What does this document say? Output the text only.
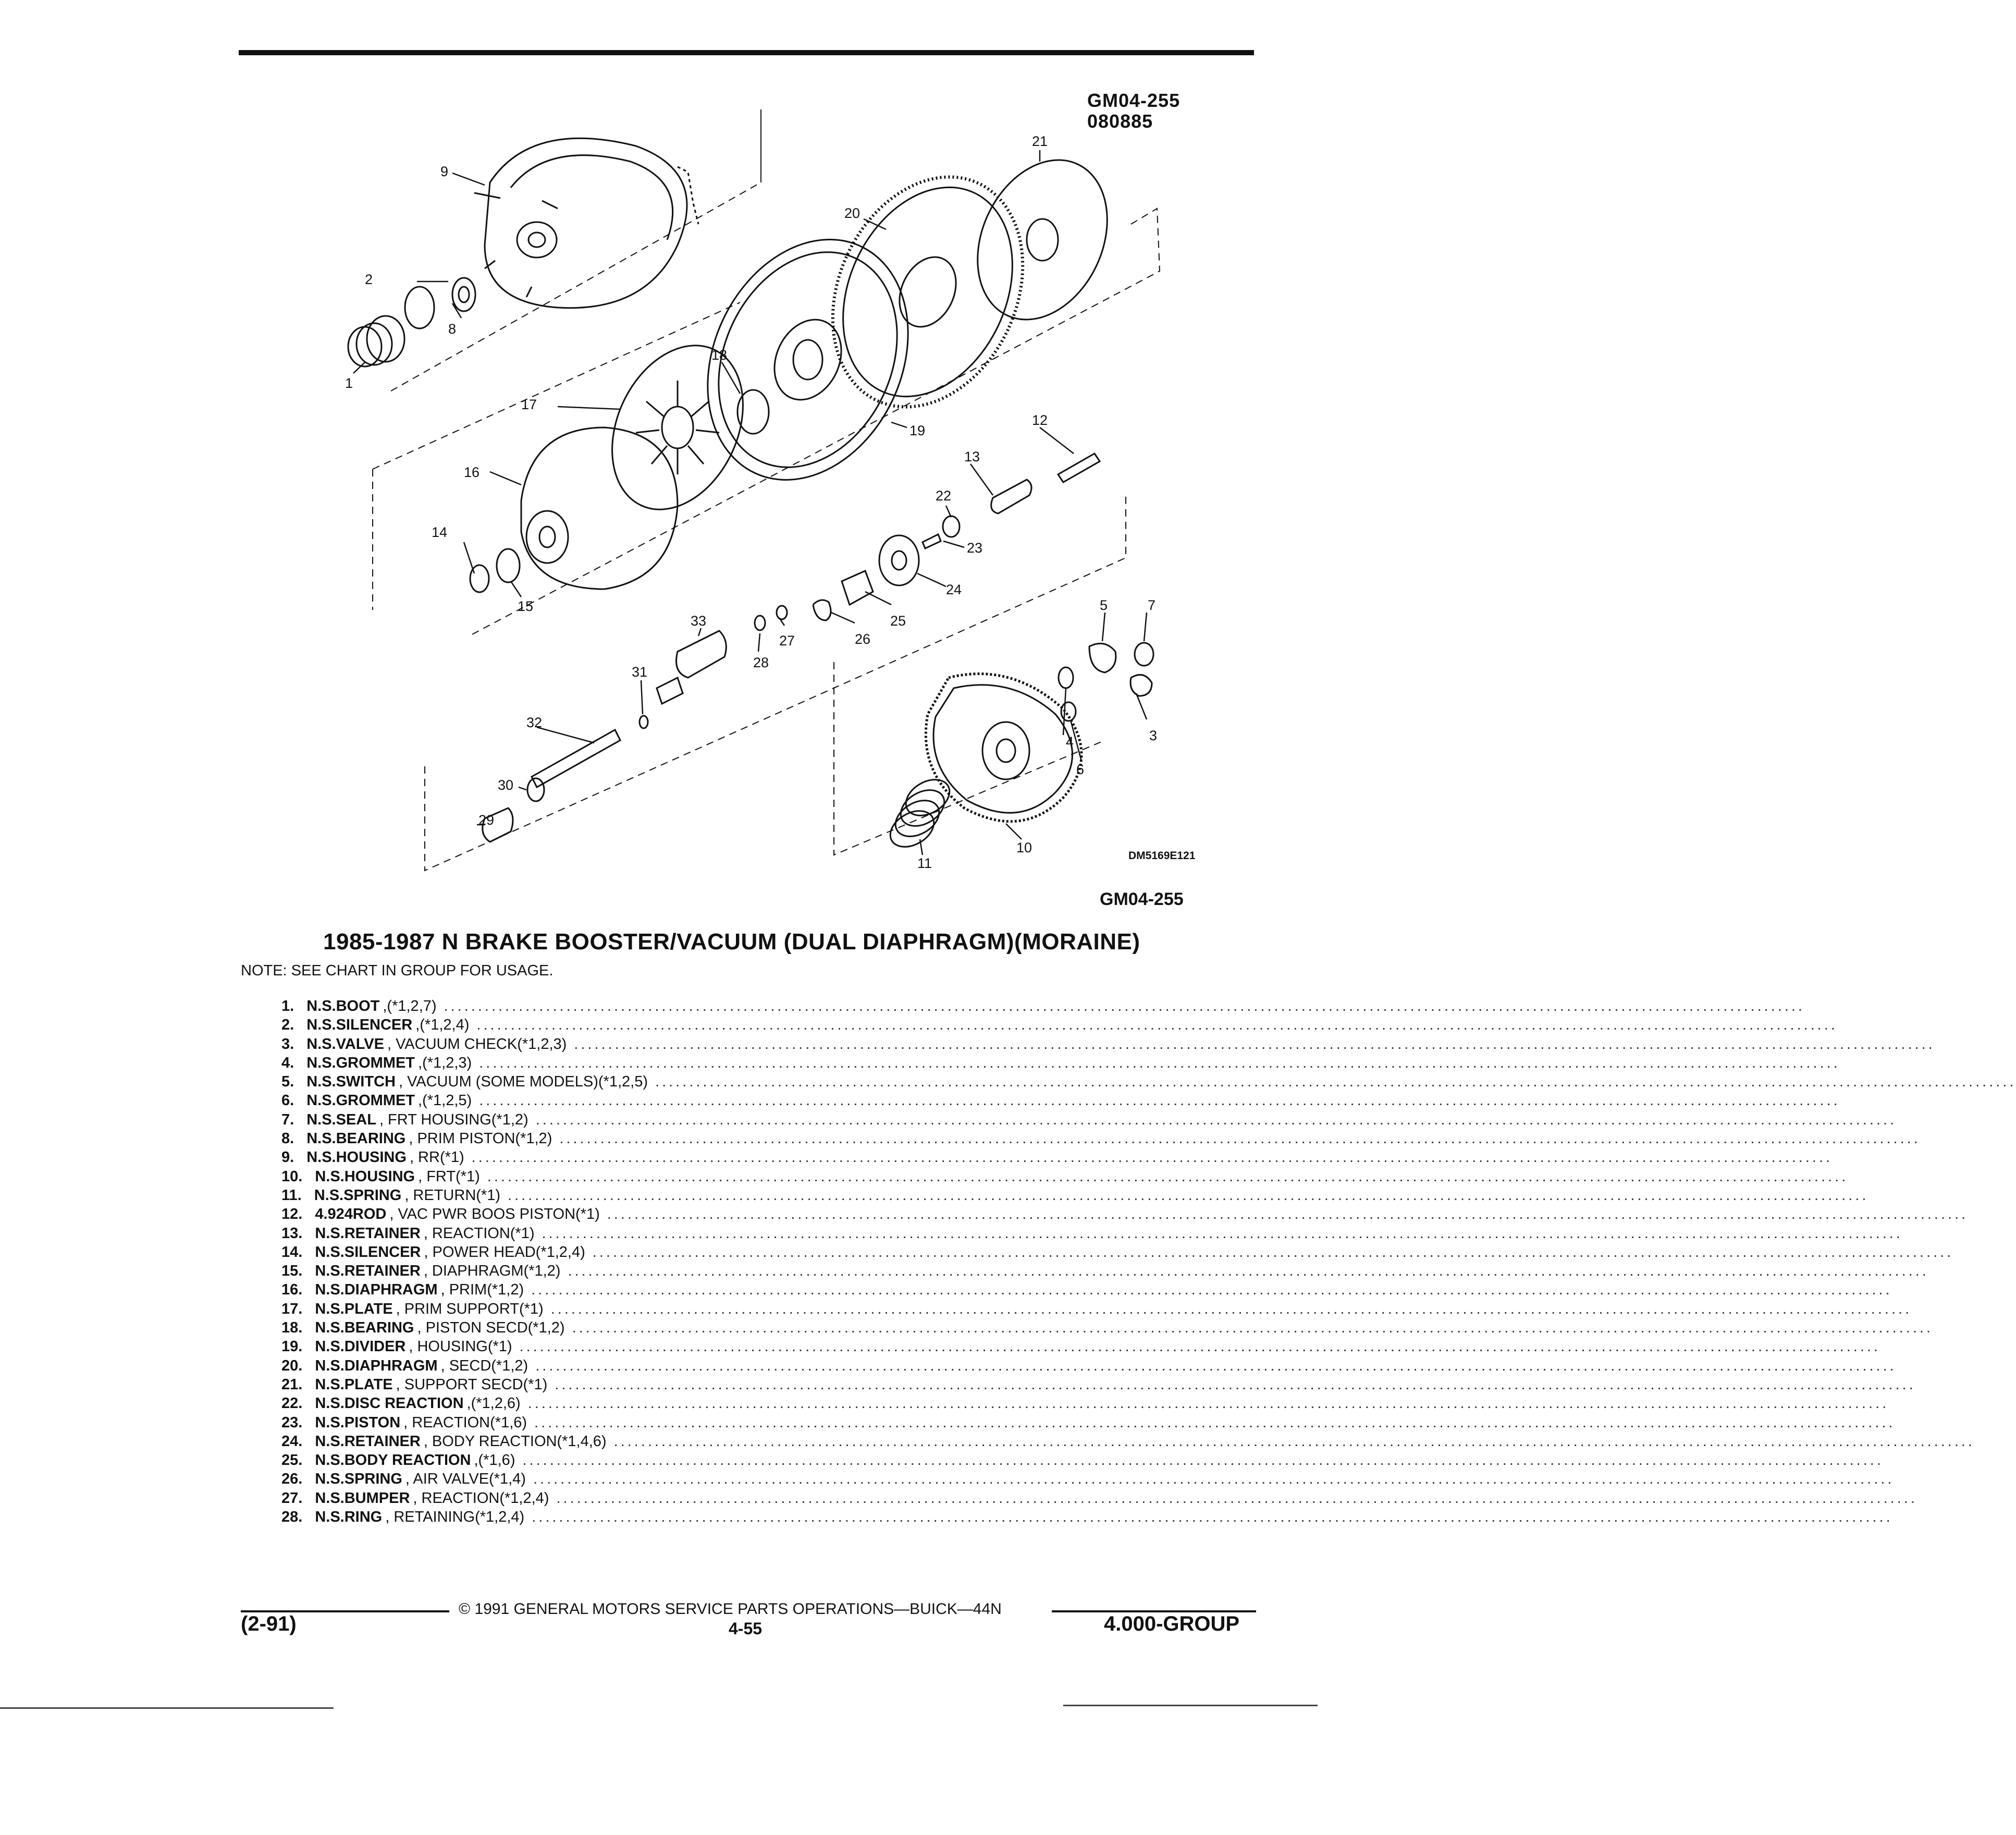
GM04-255
080885
1
2
3
4
5
6
7
8
9
10
11
12
13
14
15
16
17
18
19
20
21
22
23
24
25
26
27
28
29
30
31
32
33
DM5169E121
GM04-255
1985-1987 N BRAKE BOOSTER/VACUUM (DUAL DIAPHRAGM)(MORAINE)
NOTE: SEE CHART IN GROUP FOR USAGE.
1. N.S. BOOT ,(*1,2,7) ........................................................................................................................................................................................................
2. N.S. SILENCER ,(*1,2,4) ........................................................................................................................................................................................................
3. N.S. VALVE , VACUUM CHECK(*1,2,3) ........................................................................................................................................................................................................
4. N.S. GROMMET ,(*1,2,3) ........................................................................................................................................................................................................
5. N.S. SWITCH , VACUUM (SOME MODELS)(*1,2,5) ........................................................................................................................................................................................................
6. N.S. GROMMET ,(*1,2,5) ........................................................................................................................................................................................................
7. N.S. SEAL , FRT HOUSING(*1,2) ........................................................................................................................................................................................................
8. N.S. BEARING , PRIM PISTON(*1,2) ........................................................................................................................................................................................................
9. N.S. HOUSING , RR(*1) ........................................................................................................................................................................................................
10. N.S. HOUSING , FRT(*1) ........................................................................................................................................................................................................
11. N.S. SPRING , RETURN(*1) ........................................................................................................................................................................................................
12. 4.924 ROD , VAC PWR BOOS PISTON(*1) ........................................................................................................................................................................................................
13. N.S. RETAINER , REACTION(*1) ........................................................................................................................................................................................................
14. N.S. SILENCER , POWER HEAD(*1,2,4) ........................................................................................................................................................................................................
15. N.S. RETAINER , DIAPHRAGM(*1,2) ........................................................................................................................................................................................................
16. N.S. DIAPHRAGM , PRIM(*1,2) ........................................................................................................................................................................................................
17. N.S. PLATE , PRIM SUPPORT(*1) ........................................................................................................................................................................................................
18. N.S. BEARING , PISTON SECD(*1,2) ........................................................................................................................................................................................................
19. N.S. DIVIDER , HOUSING(*1) ........................................................................................................................................................................................................
20. N.S. DIAPHRAGM , SECD(*1,2) ........................................................................................................................................................................................................
21. N.S. PLATE , SUPPORT SECD(*1) ........................................................................................................................................................................................................
22. N.S. DISC REACTION ,(*1,2,6) ........................................................................................................................................................................................................
23. N.S. PISTON , REACTION(*1,6) ........................................................................................................................................................................................................
24. N.S. RETAINER , BODY REACTION(*1,4,6) ........................................................................................................................................................................................................
25. N.S. BODY REACTION ,(*1,6) ........................................................................................................................................................................................................
26. N.S. SPRING , AIR VALVE(*1,4) ........................................................................................................................................................................................................
27. N.S. BUMPER , REACTION(*1,2,4) ........................................................................................................................................................................................................
28. N.S. RING , RETAINING(*1,2,4) ........................................................................................................................................................................................................
© 1991 GENERAL MOTORS SERVICE PARTS OPERATIONS—BUICK—44N
(2-91)	4-55	4.000-GROUP
